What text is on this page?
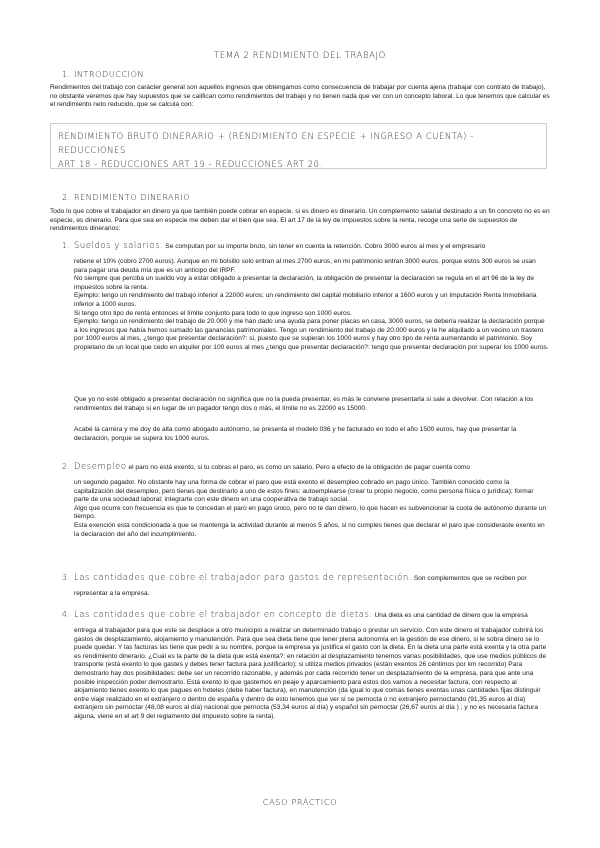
TEMA 2 RENDIMIENTO DEL TRABAJO
1. INTRODUCCIÓN

Rendimientos del trabajo con carácter general son aquellos ingresos que obtengamos como consecuencia de trabajar por cuenta ajena (trabajar con contrato de trabajo), no obstante veremos que hay supuestos que se califican como rendimientos del trabajo y no tienen nada que ver con un concepto laboral. Lo que tenemos que calcular es el rendimiento neto reducido, que se calcula con:

RENDIMIENTO BRUTO DINERARIO + (RENDIMIENTO EN ESPECIE + INGRESO A CUENTA) - REDUCCIONES
ART 18 - REDUCCIONES ART 19 - REDUCCIONES ART 20.
2. RENDIMIENTO DINERARIO

Todo lo que cobre el trabajador en dinero ya que también puede cobrar en especie. si es dinero es dinerario. Un complemento salarial destinado a un fin concreto no es en especie, es dinerario. Para que sea en especie me deben dar el bien que sea. El art 17 de la ley de impuestos sobre la renta, recoge una serie de supuestos de rendimientos dinerarios:

1. Sueldos y salarios. Se computan por su importe bruto, sin tener en cuenta la retención. Cobro 3000 euros al mes y el empresario

retiene el 10% (cobro 2700 euros). Aunque en mi bolsillo solo entran al mes 2700 euros, en mi patrimonio entran 3000 euros. porque estos 300 euros se usan para pagar una deuda mía que es un anticipo del IRPF.
No siempre que perciba un sueldo voy a estar obligado a presentar la declaración, la obligación de presentar la declaración se regula en el art 96 de la ley de impuestos sobre la renta.
Ejemplo: tengo un rendimiento del trabajo inferior a 22000 euros; un rendimiento del capital mobiliario inferior a 1600 euros y un Imputación Renta Inmobiliaria inferior a 1000 euros.
Si tengo otro tipo de renta entonces el límite conjunto para todo lo que ingreso son 1000 euros.
Ejemplo: tengo un rendimiento del trabajo de 20.000 y me han dado una ayuda para poner placas en casa, 3000 euros, se debería realizar la declaración porque a los ingresos que había hemos sumado las ganancias patrimoniales. Tengo un rendimiento del trabajo de 20.000 euros y le he alquilado a un vecino un trastero por 1000 euros al mes, ¿tengo que presentar declaración?: si, puesto que se superan los 1000 euros y hay otro tipo de renta aumentando el patrimonio. Soy propietario de un local que cedo en alquiler por 100 euros al mes ¿tengo que presentar declaración?: tengo que presentar declaración por superar los 1000 euros.

Que yo no esté obligado a presentar declaración no significa que no la pueda presentar, es más le conviene presentarla si sale a devolver. Con relación a los rendimientos del trabajo si en lugar de un pagador tengo dos o más, el límite no es 22000 es 15000.

Acabé la carrera y me doy de alta como abogado autónomo, se presenta el modelo 036 y he facturado en todo el año 1500 euros, hay que presentar la declaración, porque se supera los 1000 euros.

2. Desempleo el paro no está exento, si tu cobras el paro, es como un salario. Pero a efecto de la obligación de pagar cuenta como

un segundo pagador. No obstante hay una forma de cobrar el paro que está exento el desempleo cobrado en pago único. También conocido como la capitalización del desempleo, pero tienes que destinarlo a uno de estos fines: autoemplearse (crear tu propio negocio, como persona física o jurídica); formar parte de una sociedad laboral; integrarte con este dinero en una cooperativa de trabajo social.
Algo que ocurre con frecuencia es que te concedan el paro en pago único, pero no te dan dinero, lo que hacen es subvencionar la cuota de autónomo durante un tiempo.
Esta exención está condicionada a que se mantenga la actividad durante al menos 5 años, si no cumples tienes que declarar el paro que consideraste exento en la declaración del año del incumplimiento.

3. Las cantidades que cobre el trabajador para gastos de representación. Son complementos que se reciben por

representar a la empresa.

4. Las cantidades que cobre el trabajador en concepto de dietas. Una dieta es una cantidad de dinero que la empresa

entrega al trabajador para que este se desplace a otro municipio a realizar un determinado trabajo o prestar un servicio. Con este dinero el trabajador cubrirá los gastos de desplazamiento, alojamiento y manutención. Para que sea dieta tiene que tener plena autonomía en la gestión de ese dinero, si le sobra dinero se lo puede quedar. Y las facturas las tiene que pedir a su nombre, porque la empresa ya justifica el gasto con la dieta. En la dieta una parte está exenta y la otra parte es rendimiento dinerario. ¿Cuál es la parte de la dieta que está exenta?: en relación al desplazamiento tenemos varias posibilidades, que use medios públicos de transporte (está exento lo que gastes y debes tener factura para justificarlo); si utiliza medios privados (están exentos 26 céntimos por km recorrido) Para demostrarlo hay dos posibilidades: debe ser un recorrido razonable, y además por cada recorrido tener un desplazamiento de la empresa, para que ante una posible inspección poder demostrarlo. Está exento lo que gastemos en peaje y aparcamiento para estos dos vamos a necesitar factura, con respecto al alojamiento tienes exento lo que pagues en hoteles (debe haber factura), en manutención (da igual lo que comas tienes exentas unas cantidades fijas distinguir entre viaje realizado en el extranjero o dentro de españa y dentro de esto tenemos que ver si se pernocta o no extranjero pernoctando (91,35 euros al día) extranjero sin pernoctar (48,08 euros al día) nacional que pernocta (53,34 euros al día) y español sin pernoctar (26,67 euros al día ) ; y no es necesaria factura alguna, viene en el art 9 del reglamento del impuesto sobre la renta).

CASO PRÁCTICO
